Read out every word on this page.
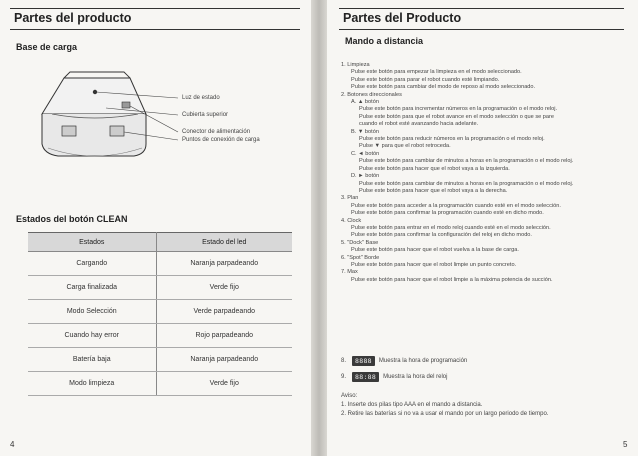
Partes del producto
Base de carga
Luz de estado
Cubierta superior
Conector de alimentación
Puntos de conexión de carga
Estados del botón CLEAN
Estados	Estado del led
Cargando	Naranja parpadeando
Carga finalizada	Verde fijo
Modo Selección	Verde parpadeando
Cuando hay error	Rojo parpadeando
Batería baja	Naranja parpadeando
Modo limpieza	Verde fijo
4
Partes del Producto
Mando a distancia
1. Limpieza
Pulse este botón para empezar la limpieza en el modo seleccionado.
Pulse este botón para parar el robot cuando esté limpiando.
Pulse este botón para cambiar del modo de reposo al modo seleccionado.
2. Botones direccionales
A. ▲ botón
Pulse este botón para incrementar números en la programación o el modo reloj.
Pulse este botón para que el robot avance en el modo selección o que se pare
cuando el robot esté avanzando hacia adelante.
B. ▼ botón
Pulse este botón para reducir números en la programación o el modo reloj.
Pulse ▼ para que el robot retroceda.
C. ◄ botón
Pulse este botón para cambiar de minutos a horas en la programación o el modo reloj.
Pulse este botón para hacer que el robot vaya a la izquierda.
D. ► botón
Pulse este botón para cambiar de minutos a horas en la programación o el modo reloj.
Pulse este botón para hacer que el robot vaya a la derecha.
3. Plan
Pulse este botón para acceder a la programación cuando esté en el modo selección.
Pulse este botón para confirmar la programación cuando esté en dicho modo.
4. Clock
Pulse este botón para entrar en el modo reloj cuando esté en el modo selección.
Pulse este botón para confirmar la configuración del reloj en dicho modo.
5. "Dock" Base
Pulse este botón para hacer que el robot vuelva a la base de carga.
6. "Spot" Borde
Pulse este botón para hacer que el robot limpie un punto concreto.
7. Max
Pulse este botón para hacer que el robot limpie a la máxima potencia de succión.
8.	8888	Muestra la hora de programación
9.	88:88	Muestra la hora del reloj
Aviso:
1. Inserte dos pilas tipo AAA en el mando a distancia.
2. Retire las baterías si no va a usar el mando por un largo periodo de tiempo.
5
